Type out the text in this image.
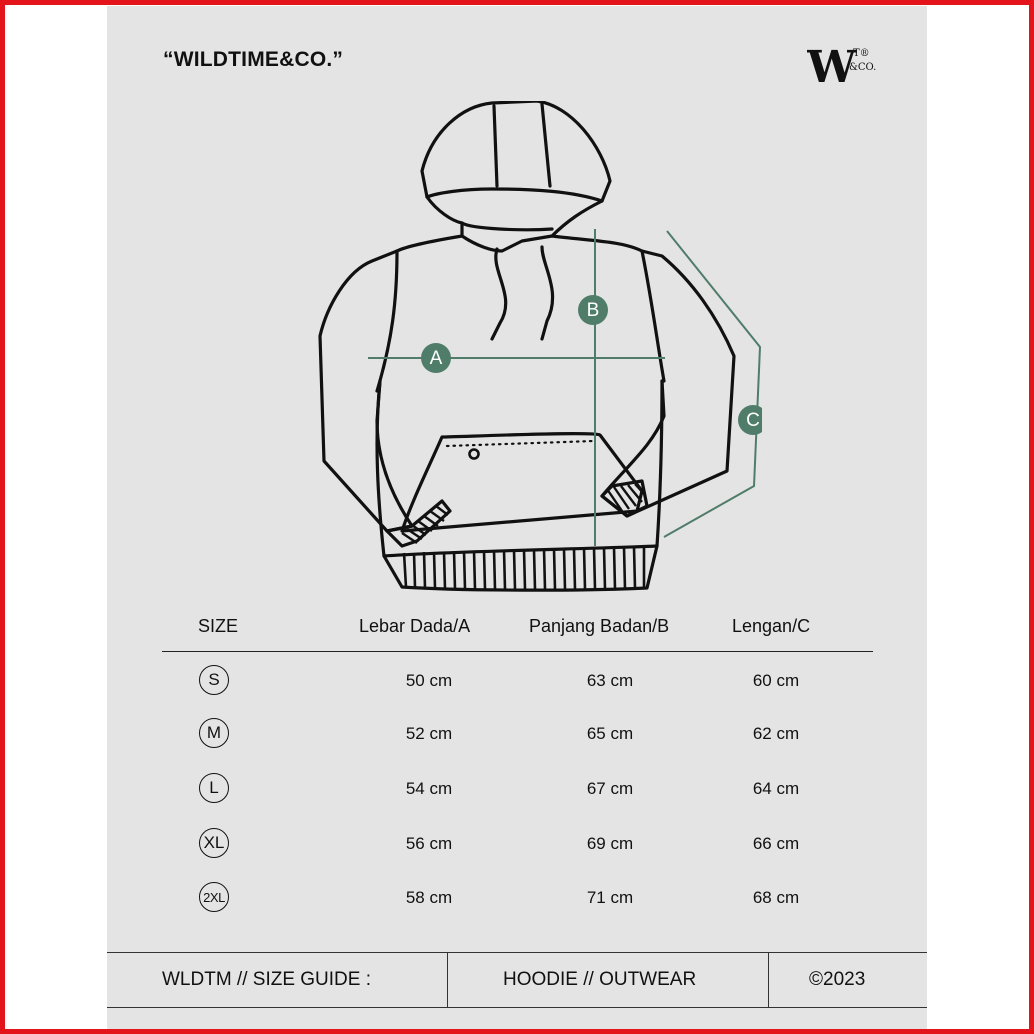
“WILDTIME&CO.”	W
T®
&CO.
A
B
C
SIZE	Lebar Dada/A	Panjang Badan/B	Lengan/C
S	50 cm	63 cm	60 cm
M	52 cm	65 cm	62 cm
L	54 cm	67 cm	64 cm
XL	56 cm	69 cm	66 cm
2XL	58 cm	71 cm	68 cm
WLDTM // SIZE GUIDE :	HOODIE // OUTWEAR	©2023
